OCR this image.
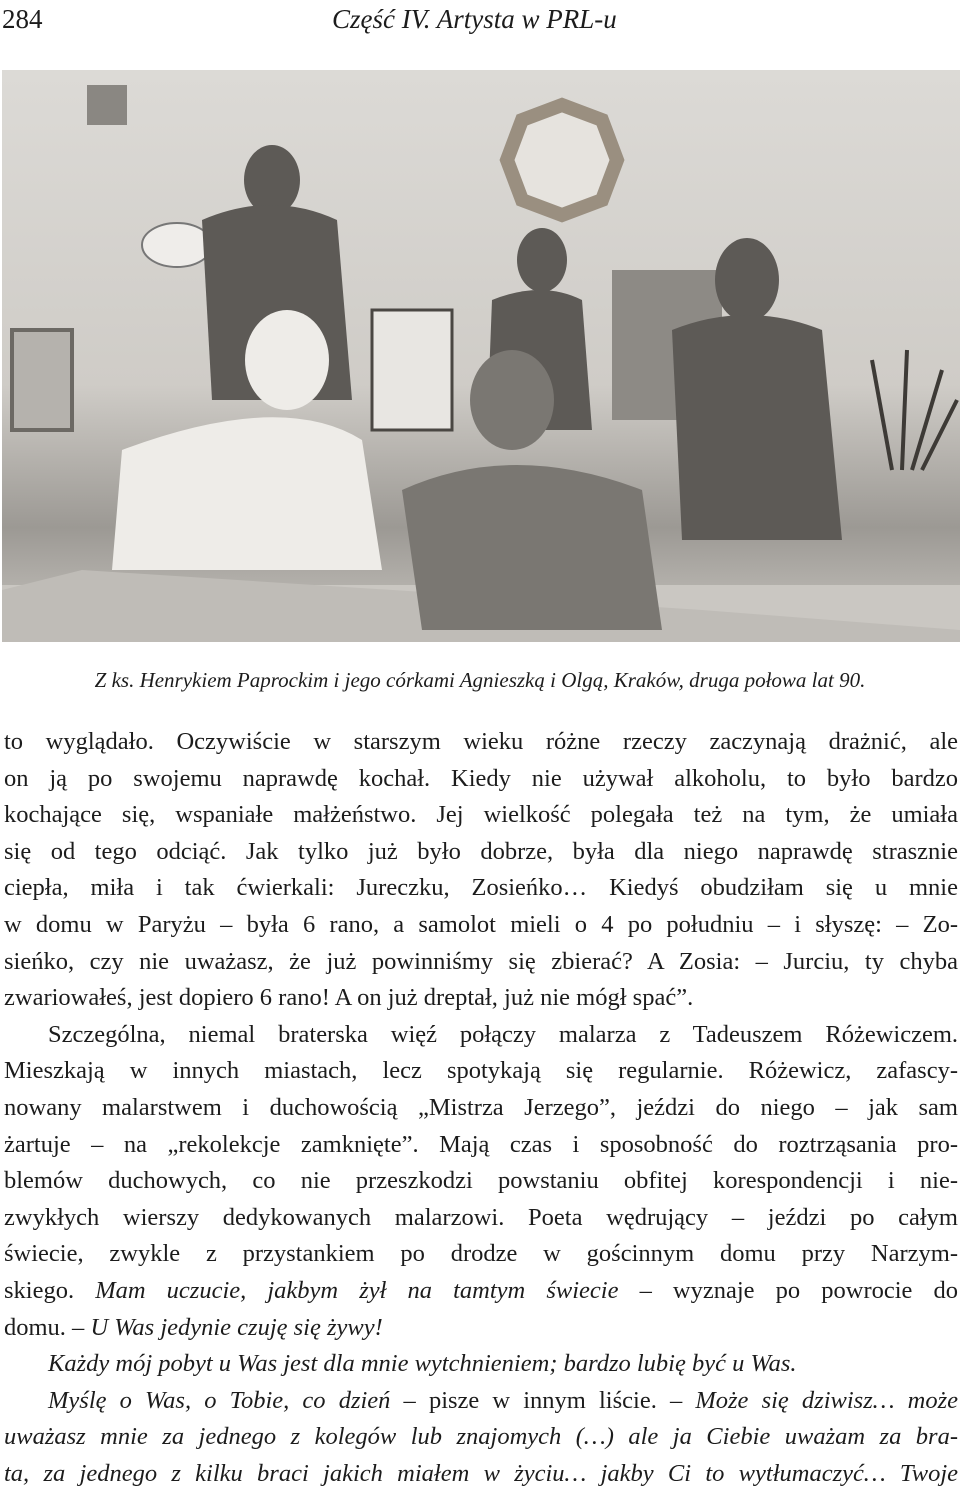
284	Część IV. Artysta w PRL-u
Z ks. Henrykiem Paprockim i jego córkami Agnieszką i Olgą, Kraków, druga połowa lat 90.
to wyglądało. Oczywiście w starszym wieku różne rzeczy zaczynają drażnić, ale
on ją po swojemu naprawdę kochał. Kiedy nie używał alkoholu, to było bardzo
kochające się, wspaniałe małżeństwo. Jej wielkość polegała też na tym, że umiała
się od tego odciąć. Jak tylko już było dobrze, była dla niego naprawdę strasznie
ciepła, miła i tak ćwierkali: Jureczku, Zosieńko… Kiedyś obudziłam się u mnie
w domu w Paryżu – była 6 rano, a samolot mieli o 4 po południu – i słyszę: – Zo-
sieńko, czy nie uważasz, że już powinniśmy się zbierać? A Zosia: – Jurciu, ty chyba
zwariowałeś, jest dopiero 6 rano! A on już dreptał, już nie mógł spać”.
Szczególna, niemal braterska więź połączy malarza z Tadeuszem Różewiczem.
Mieszkają w innych miastach, lecz spotykają się regularnie. Różewicz, zafascy-
nowany malarstwem i duchowością „Mistrza Jerzego”, jeździ do niego – jak sam
żartuje – na „rekolekcje zamknięte”. Mają czas i sposobność do roztrząsania pro-
blemów duchowych, co nie przeszkodzi powstaniu obfitej korespondencji i nie-
zwykłych wierszy dedykowanych malarzowi. Poeta wędrujący – jeździ po całym
świecie, zwykle z przystankiem po drodze w gościnnym domu przy Narzym-
skiego. Mam uczucie, jakbym żył na tamtym świecie – wyznaje po powrocie do
domu. – U Was jedynie czuję się żywy!
Każdy mój pobyt u Was jest dla mnie wytchnieniem; bardzo lubię być u Was.
Myślę o Was, o Tobie, co dzień – pisze w innym liście. – Może się dziwisz… może
uważasz mnie za jednego z kolegów lub znajomych (…) ale ja Ciebie uważam za bra-
ta, za jednego z kilku braci jakich miałem w życiu… jakby Ci to wytłumaczyć… Twoje
